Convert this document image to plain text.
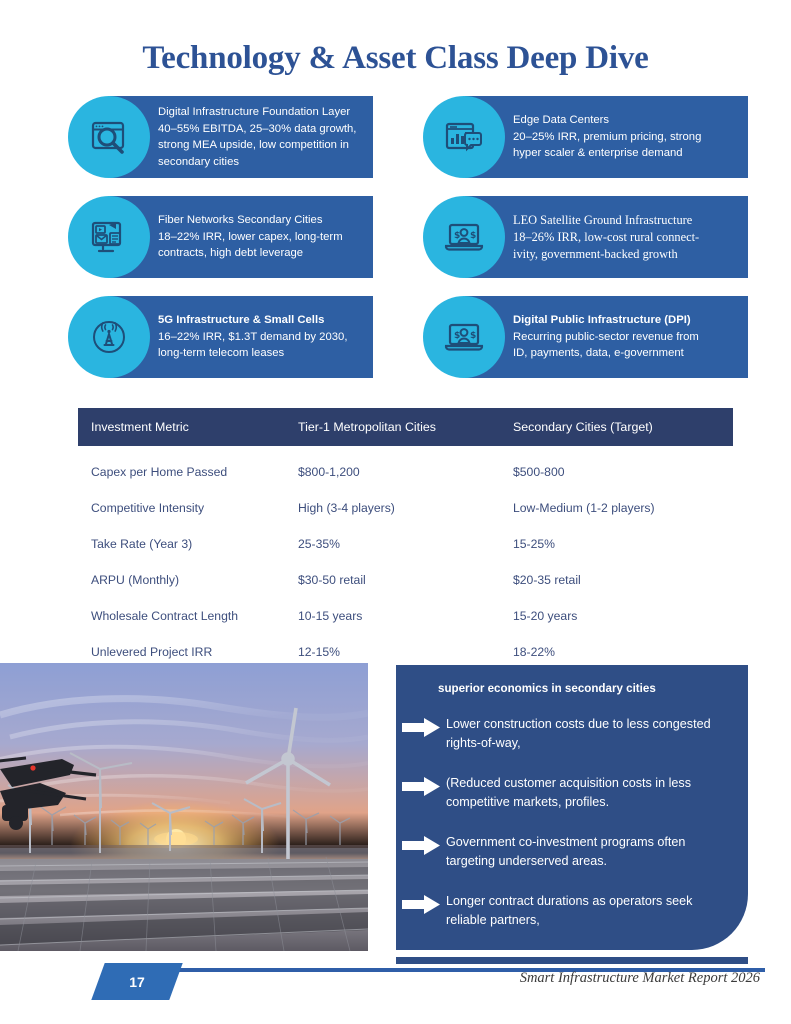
Technology & Asset Class Deep Dive
Digital Infrastructure Foundation Layer
40–55% EBITDA, 25–30% data growth,
strong MEA upside, low competition in
secondary cities
Edge Data Centers
20–25% IRR, premium pricing, strong
hyper scaler & enterprise demand
Fiber Networks Secondary Cities
18–22% IRR, lower capex, long-term
contracts, high debt leverage
$ $
LEO Satellite Ground Infrastructure
18–26% IRR, low-cost rural connect-
ivity, government-backed growth
5G Infrastructure & Small Cells
16–22% IRR, $1.3T demand by 2030,
long-term telecom leases
$ $
Digital Public Infrastructure (DPI)
Recurring public-sector revenue from
ID, payments, data, e-government
Investment Metric	Tier-1 Metropolitan Cities	Secondary Cities (Target)
Capex per Home Passed	$800-1,200	$500-800
Competitive Intensity	High (3-4 players)	Low-Medium (1-2 players)
Take Rate (Year 3)	25-35%	15-25%
ARPU (Monthly)	$30-50 retail	$20-35 retail
Wholesale Contract Length	10-15 years	15-20 years
Unlevered Project IRR	12-15%	18-22%
superior economics in secondary cities
Lower construction costs due to less congested rights-of-way,
(Reduced customer acquisition costs in less competitive markets, profiles.
Government co-investment programs often targeting underserved areas.
Longer contract durations as operators seek reliable partners,
17	Smart Infrastructure Market Report 2026
